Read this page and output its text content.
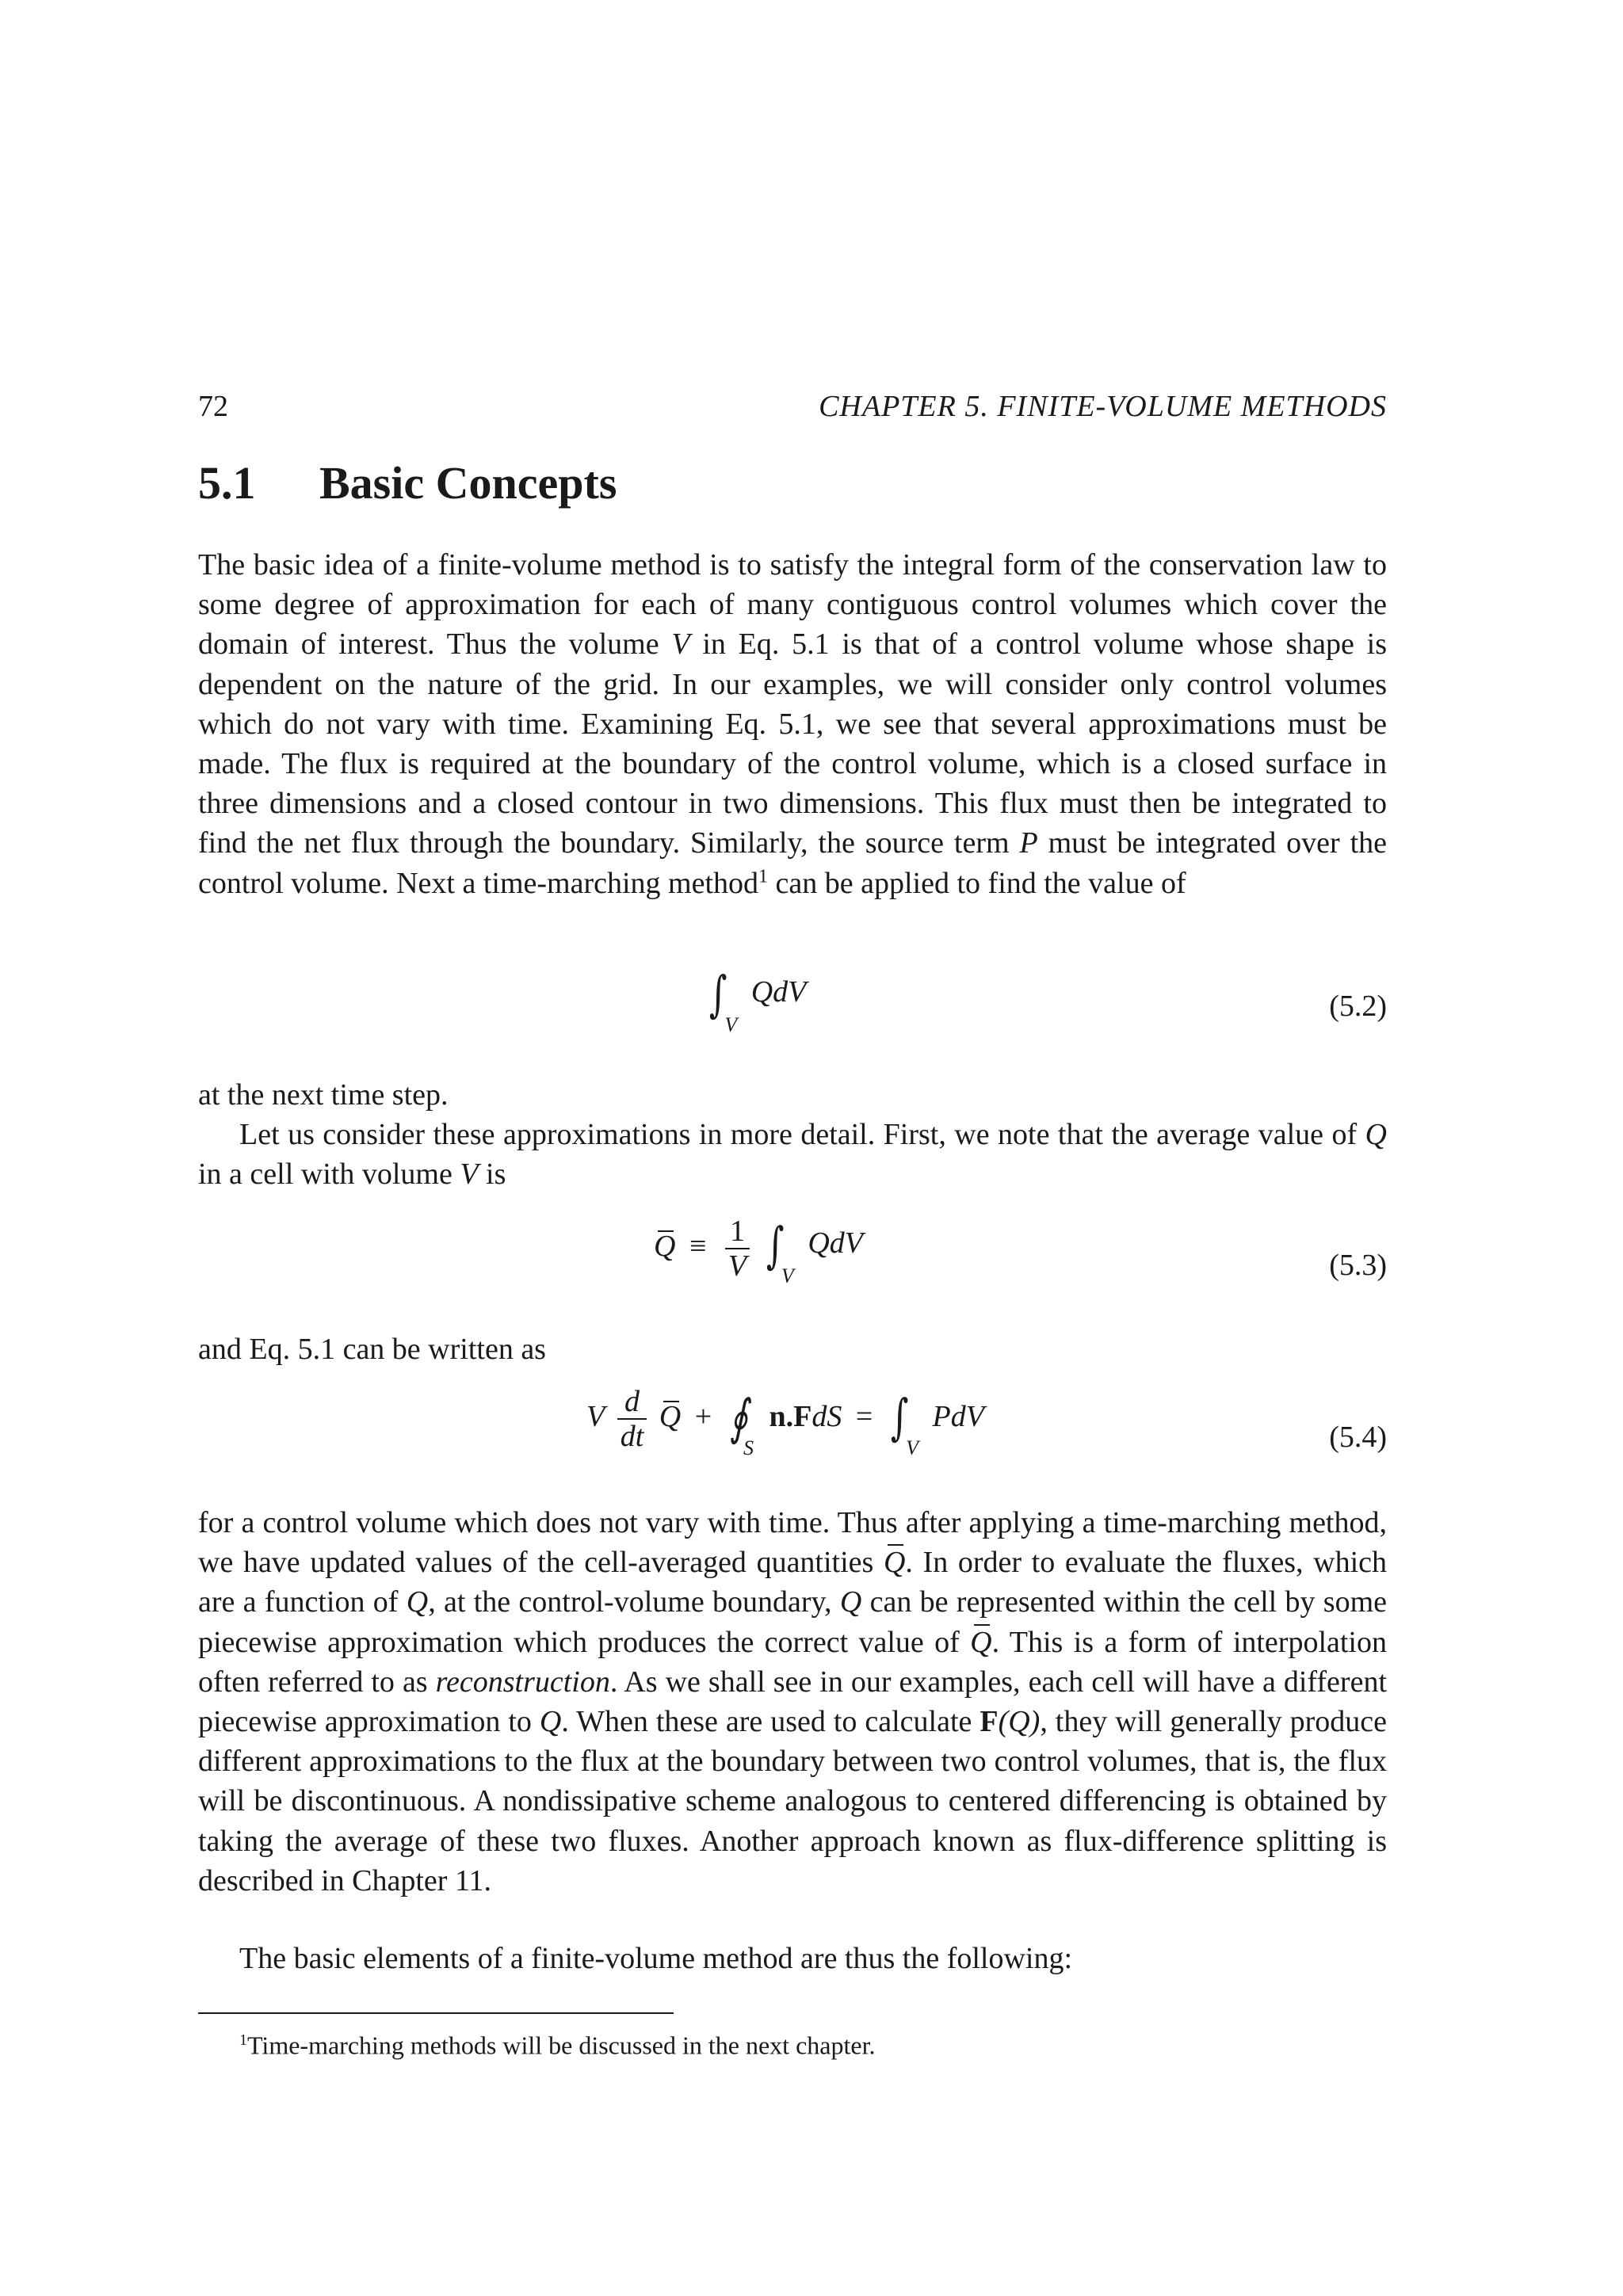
72	CHAPTER 5. FINITE-VOLUME METHODS
5.1 Basic Concepts

The basic idea of a finite-volume method is to satisfy the integral form of the conservation law to some degree of approximation for each of many contiguous control volumes which cover the domain of interest. Thus the volume V in Eq. 5.1 is that of a control volume whose shape is dependent on the nature of the grid. In our examples, we will consider only control volumes which do not vary with time. Examining Eq. 5.1, we see that several approximations must be made. The flux is required at the boundary of the control volume, which is a closed surface in three dimensions and a closed contour in two dimensions. This flux must then be integrated to find the net flux through the boundary. Similarly, the source term P must be integrated over the control volume. Next a time-marching method$^1$ can be applied to find the value of

$\int_V$ QdV	(5.2)

at the next time step.

Let us consider these approximations in more detail. First, we note that the average value of Q in a cell with volume V is

$Q \equiv \frac{1}{V} \int_V$ QdV
(5.3)

and Eq. 5.1 can be written as

V $\frac{d}{dt}$ $Q + ∮_S$ $n.FdS = \int_V$ PdV
(5.4)

for a control volume which does not vary with time. Thus after applying a time-marching method, we have updated values of the cell-averaged quantities Q. In order to evaluate the fluxes, which are a function of Q, at the control-volume boundary, Q can be represented within the cell by some piecewise approximation which produces the correct value of Q. This is a form of interpolation often referred to as reconstruction. As we shall see in our examples, each cell will have a different piecewise approximation to Q. When these are used to calculate F(Q), they will generally produce different approximations to the flux at the boundary between two control volumes, that is, the flux will be discontinuous. A nondissipative scheme analogous to centered differencing is obtained by taking the average of these two fluxes. Another approach known as flux-difference splitting is described in Chapter 11.

The basic elements of a finite-volume method are thus the following:

$^1$Time-marching methods will be discussed in the next chapter.
